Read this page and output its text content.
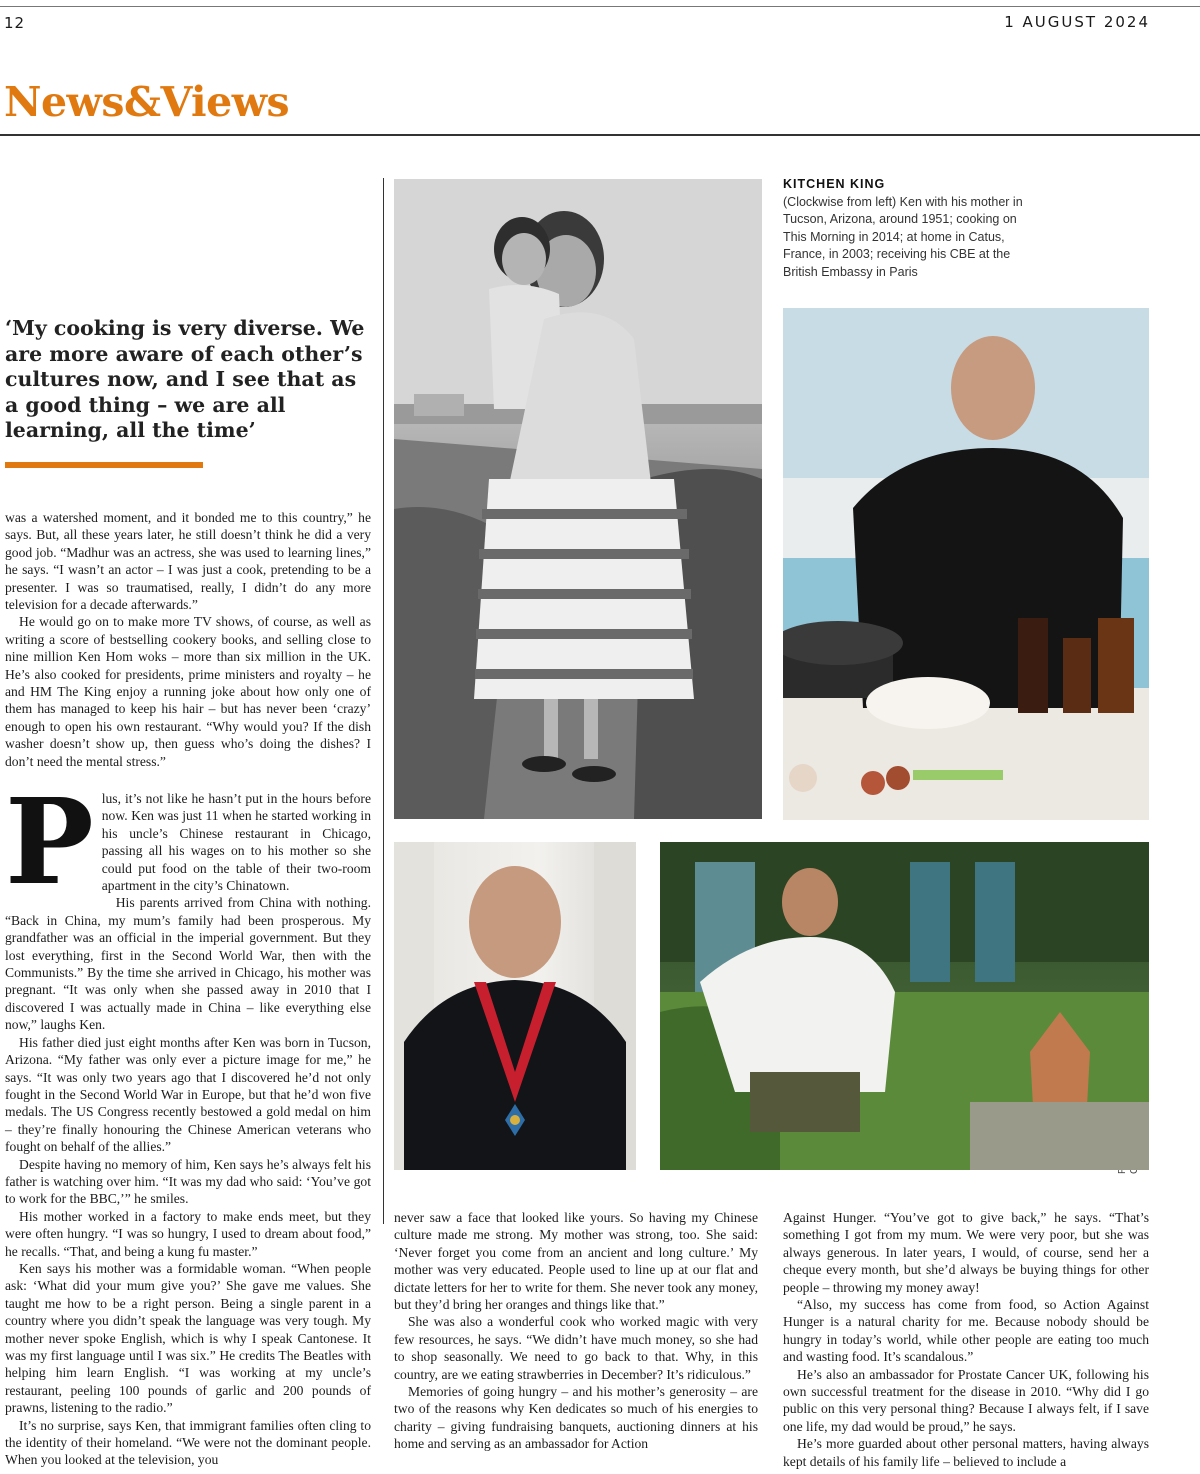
12	1 AUGUST 2024
News&Views
‘My cooking is very diverse. We are more aware of each other’s cultures now, and I see that as a good thing – we are all learning, all the time’

was a watershed moment, and it bonded me to this country,” he says. But, all these years later, he still doesn’t think he did a very good job. “Madhur was an actress, she was used to learning lines,” he says. “I wasn’t an actor – I was just a cook, pretending to be a presenter. I was so traumatised, really, I didn’t do any more television for a decade afterwards.”

He would go on to make more TV shows, of course, as well as writing a score of bestselling cookery books, and selling close to nine million Ken Hom woks – more than six million in the UK. He’s also cooked for presidents, prime ministers and royalty – he and HM The King enjoy a running joke about how only one of them has managed to keep his hair – but has never been ‘crazy’ enough to open his own restaurant. “Why would you? If the dish washer doesn’t show up, then guess who’s doing the dishes? I don’t need the mental stress.”

P lus, it’s not like he hasn’t put in the hours before now. Ken was just 11 when he started working in his uncle’s Chinese restaurant in Chicago, passing all his wages on to his mother so she could put food on the table of their two-room apartment in the city’s Chinatown.

His parents arrived from China with nothing. “Back in China, my mum’s family had been prosperous. My grandfather was an official in the imperial government. But they lost everything, first in the Second World War, then with the Communists.” By the time she arrived in Chicago, his mother was pregnant. “It was only when she passed away in 2010 that I discovered I was actually made in China – like everything else now,” laughs Ken.

His father died just eight months after Ken was born in Tucson, Arizona. “My father was only ever a picture image for me,” he says. “It was only two years ago that I discovered he’d not only fought in the Second World War in Europe, but that he’d won five medals. The US Congress recently bestowed a gold medal on him – they’re finally honouring the Chinese American veterans who fought on behalf of the allies.”

Despite having no memory of him, Ken says he’s always felt his father is watching over him. “It was my dad who said: ‘You’ve got to work for the BBC,’” he smiles.

His mother worked in a factory to make ends meet, but they were often hungry. “I was so hungry, I used to dream about food,” he recalls. “That, and being a kung fu master.”

Ken says his mother was a formidable woman. “When people ask: ‘What did your mum give you?’ She gave me values. She taught me how to be a right person. Being a single parent in a country where you didn’t speak the language was very tough. My mother never spoke English, which is why I speak Cantonese. It was my first language until I was six.” He credits The Beatles with helping him learn English. “I was working at my uncle’s restaurant, peeling 100 pounds of garlic and 200 pounds of prawns, listening to the radio.”

It’s no surprise, says Ken, that immigrant families often cling to the identity of their homeland. “We were not the dominant people. When you looked at the television, you

never saw a face that looked like yours. So having my Chinese culture made me strong. My mother was strong, too. She said: ‘Never forget you come from an ancient and long culture.’ My mother was very educated. People used to line up at our flat and dictate letters for her to write for them. She never took any money, but they’d bring her oranges and things like that.”

She was also a wonderful cook who worked magic with very few resources, he says. “We didn’t have much money, so she had to shop seasonally. We need to go back to that. Why, in this country, are we eating strawberries in December? It’s ridiculous.”

Memories of going hungry – and his mother’s generosity – are two of the reasons why Ken dedicates so much of his energies to charity – giving fundraising banquets, auctioning dinners at his home and serving as an ambassador for Action

Against Hunger. “You’ve got to give back,” he says. “That’s something I got from my mum. We were very poor, but she was always generous. In later years, I would, of course, send her a cheque every month, but she’d always be buying things for other people – throwing my money away!

“Also, my success has come from food, so Action Against Hunger is a natural charity for me. Because nobody should be hungry in today’s world, while other people are eating too much and wasting food. It’s scandalous.”

He’s also an ambassador for Prostate Cancer UK, following his own successful treatment for the disease in 2010. “Why did I go public on this very personal thing? Because I always felt, if I save one life, my dad would be proud,” he says.

He’s more guarded about other personal matters, having always kept details of his family life – believed to include a

KITCHEN KING
(Clockwise from left) Ken with his mother in Tucson, Arizona, around 1951; cooking on This Morning in 2014; at home in Catus, France, in 2003; receiving his CBE at the British Embassy in Paris
